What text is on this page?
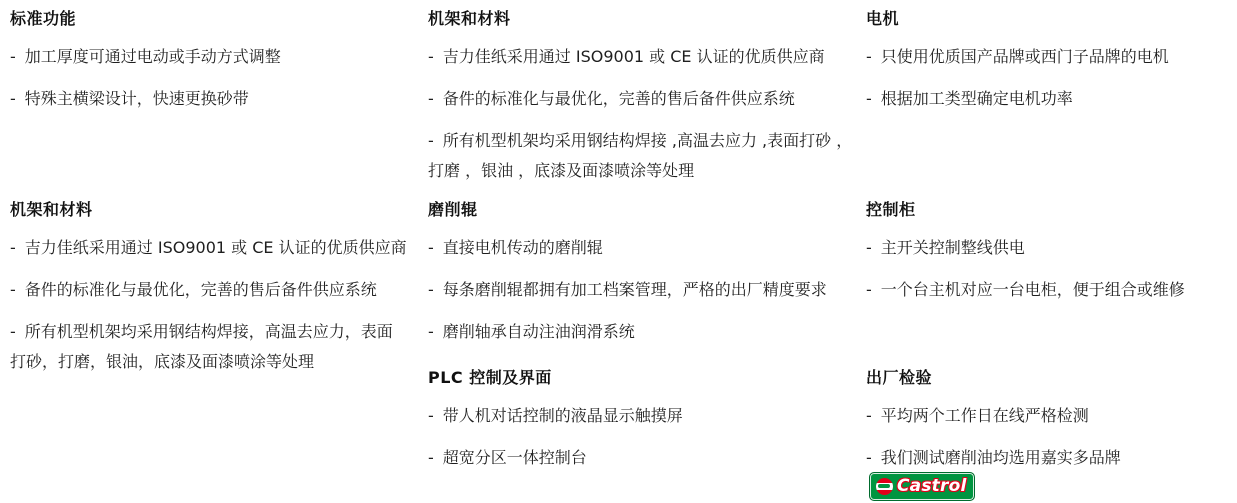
标准功能
- 加工厚度可通过电动或手动方式调整
- 特殊主横梁设计，快速更换砂带
机架和材料
- 吉力佳纸采用通过 ISO9001 或 CE 认证的优质供应商
- 备件的标准化与最优化，完善的售后备件供应系统
- 所有机型机架均采用钢结构焊接 ,高温去应力 ,表面打砂 ，打磨 ，银油 ，底漆及面漆喷涂等处理
电机
- 只使用优质国产品牌或西门子品牌的电机
- 根据加工类型确定电机功率
机架和材料
- 吉力佳纸采用通过 ISO9001 或 CE 认证的优质供应商
- 备件的标准化与最优化，完善的售后备件供应系统
- 所有机型机架均采用钢结构焊接，高温去应力，表面打砂，打磨，银油，底漆及面漆喷涂等处理
磨削辊
- 直接电机传动的磨削辊
- 每条磨削辊都拥有加工档案管理，严格的出厂精度要求
- 磨削轴承自动注油润滑系统
控制柜
- 主开关控制整线供电
- 一个台主机对应一台电柜，便于组合或维修
PLC 控制及界面
- 带人机对话控制的液晶显示触摸屏
- 超宽分区一体控制台
出厂检验
- 平均两个工作日在线严格检测
- 我们测试磨削油均选用嘉实多品牌
Castrol
